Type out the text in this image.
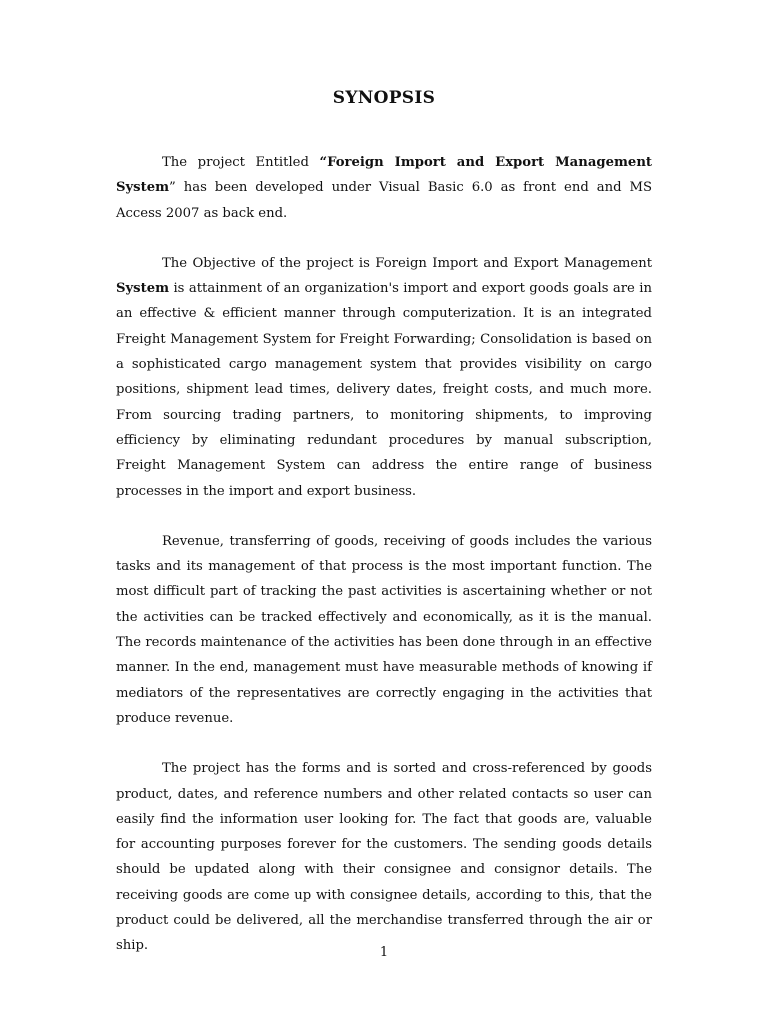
SYNOPSIS

The project Entitled “Foreign Import and Export Management System” has been developed under Visual Basic 6.0 as front end and MS Access 2007 as back end.

The Objective of the project is Foreign Import and Export Management System is attainment of an organization's import and export goods goals are in an effective & efficient manner through computerization. It is an integrated Freight Management System for Freight Forwarding; Consolidation is based on a sophisticated cargo management system that provides visibility on cargo positions, shipment lead times, delivery dates, freight costs, and much more. From sourcing trading partners, to monitoring shipments, to improving efficiency by eliminating redundant procedures by manual subscription, Freight Management System can address the entire range of business processes in the import and export business.

Revenue, transferring of goods, receiving of goods includes the various tasks and its management of that process is the most important function. The most difficult part of tracking the past activities is ascertaining whether or not the activities can be tracked effectively and economically, as it is the manual. The records maintenance of the activities has been done through in an effective manner. In the end, management must have measurable methods of knowing if mediators of the representatives are correctly engaging in the activities that produce revenue.

The project has the forms and is sorted and cross-referenced by goods product, dates, and reference numbers and other related contacts so user can easily find the information user looking for. The fact that goods are, valuable for accounting purposes forever for the customers. The sending goods details should be updated along with their consignee and consignor details. The receiving goods are come up with consignee details, according to this, that the product could be delivered, all the merchandise transferred through the air or ship.	1
